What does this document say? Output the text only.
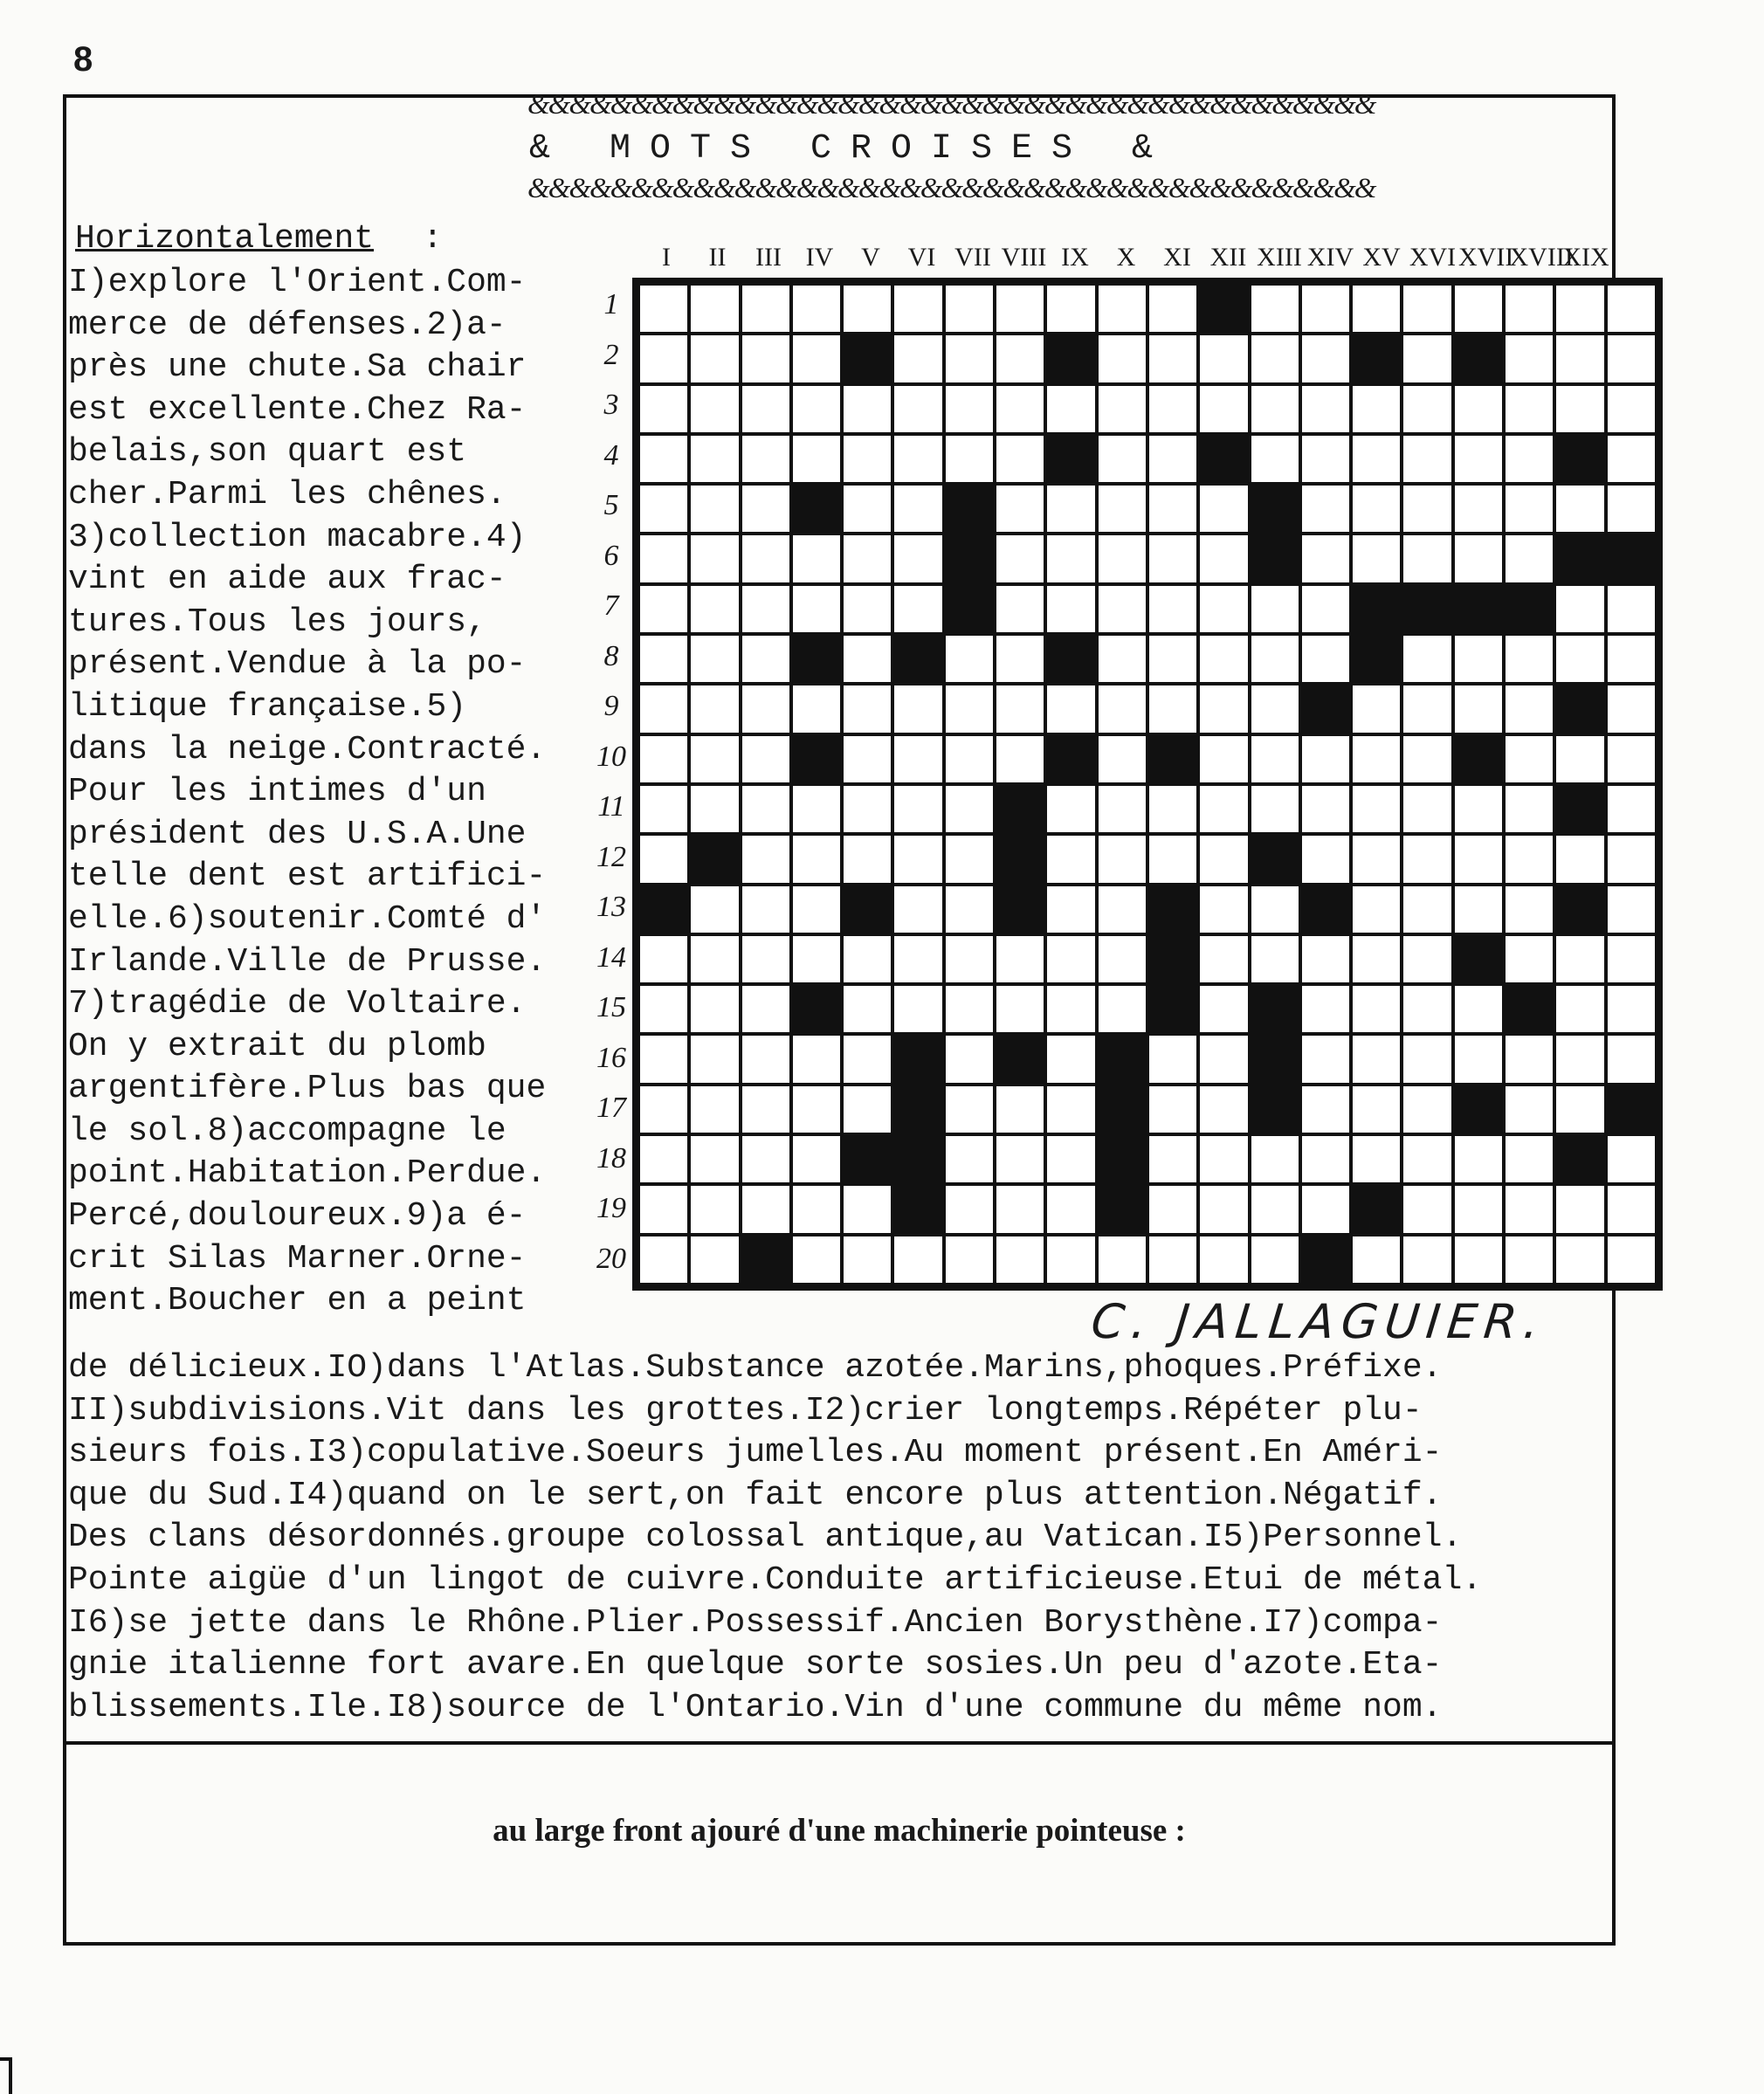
8
&&&&&&&&&&&&&&&&&&&&&&&&&&&&&&&&&&&&&&&&&
& MOTS CROISES &
&&&&&&&&&&&&&&&&&&&&&&&&&&&&&&&&&&&&&&&&&
Horizontalement :
I)explore l'Orient.Com-
merce de défenses.2)a-
près une chute.Sa chair
est excellente.Chez Ra-
belais,son quart est
cher.Parmi les chênes.
3)collection macabre.4)
vint en aide aux frac-
tures.Tous les jours,
présent.Vendue à la po-
litique française.5)
dans la neige.Contracté.
Pour les intimes d'un
président des U.S.A.Une
telle dent est artifici-
elle.6)soutenir.Comté d'
Irlande.Ville de Prusse.
7)tragédie de Voltaire.
On y extrait du plomb
argentifère.Plus bas que
le sol.8)accompagne le
point.Habitation.Perdue.
Percé,douloureux.9)a é-
crit Silas Marner.Orne-
ment.Boucher en a peint
I	II	III IV	V	VI VII VIII IX	X	XI XII XIII XIV XV XVI XVII
XVIII
XIX
1
2
3
4
5
6
7
8
9
10
11
12
13
14
15
16
17
18
19
20
C. JALLAGUIER.
de délicieux.IO)dans l'Atlas.Substance azotée.Marins,phoques.Préfixe.
II)subdivisions.Vit dans les grottes.I2)crier longtemps.Répéter plu-
sieurs fois.I3)copulative.Soeurs jumelles.Au moment présent.En Améri-
que du Sud.I4)quand on le sert,on fait encore plus attention.Négatif.
Des clans désordonnés.groupe colossal antique,au Vatican.I5)Personnel.
Pointe aigüe d'un lingot de cuivre.Conduite artificieuse.Etui de métal.
I6)se jette dans le Rhône.Plier.Possessif.Ancien Borysthène.I7)compa-
gnie italienne fort avare.En quelque sorte sosies.Un peu d'azote.Eta-
blissements.Ile.I8)source de l'Ontario.Vin d'une commune du même nom.
au large front ajouré d'une machinerie pointeuse :
